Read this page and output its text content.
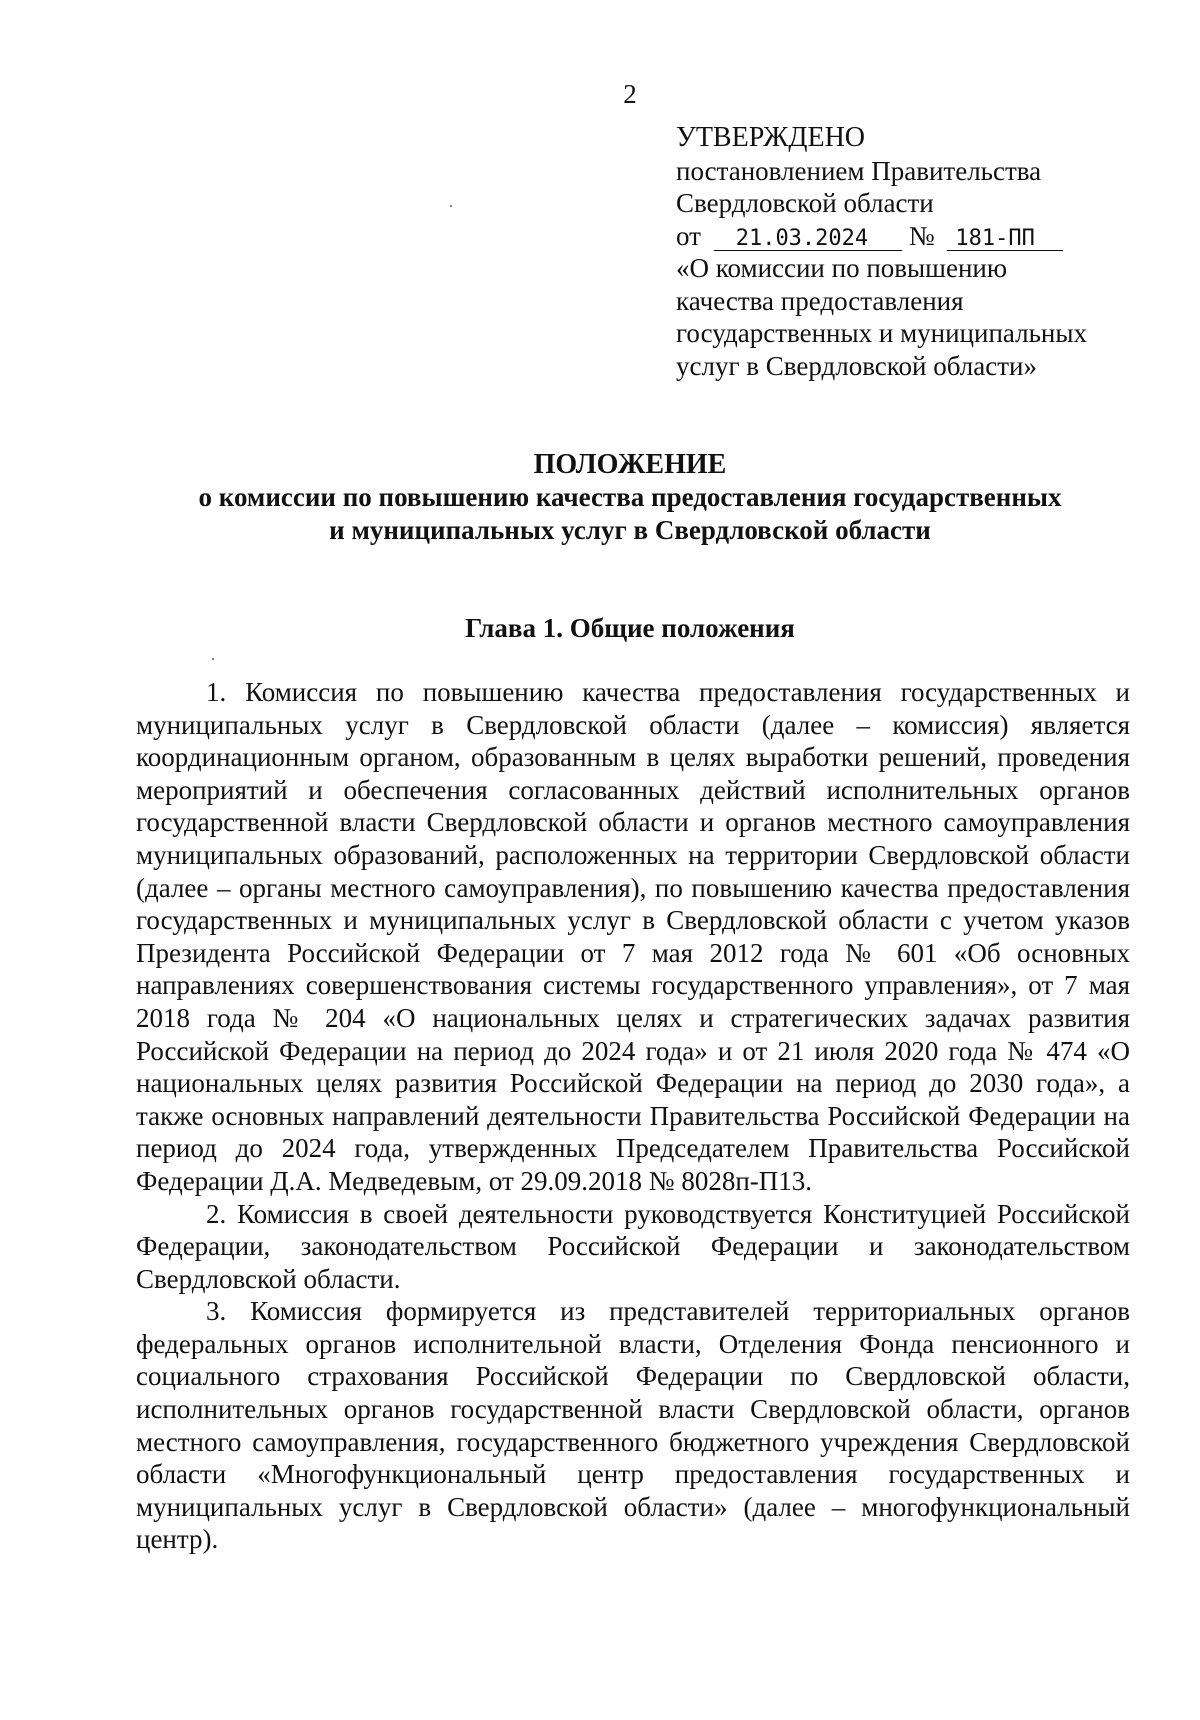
2
УТВЕРЖДЕНО
постановлением Правительства
Свердловской области
от 21.03.2024 № 181-ПП
«О комиссии по повышению
качества предоставления
государственных и муниципальных
услуг в Свердловской области»
ПОЛОЖЕНИЕ
о комиссии по повышению качества предоставления государственных
и муниципальных услуг в Свердловской области
Глава 1. Общие положения

1. Комиссия по повышению качества предоставления государственных и муниципальных услуг в Свердловской области (далее – комиссия) является координационным органом, образованным в целях выработки решений, проведения мероприятий и обеспечения согласованных действий исполнительных органов государственной власти Свердловской области и органов местного самоуправления муниципальных образований, расположенных на территории Свердловской области (далее – органы местного самоуправления), по повышению качества предоставления государственных и муниципальных услуг в Свердловской области с учетом указов Президента Российской Федерации от 7 мая 2012 года № 601 «Об основных направлениях совершенствования системы государственного управления», от 7 мая 2018 года № 204 «О национальных целях и стратегических задачах развития Российской Федерации на период до 2024 года» и от 21 июля 2020 года № 474 «О национальных целях развития Российской Федерации на период до 2030 года», а также основных направлений деятельности Правительства Российской Федерации на период до 2024 года, утвержденных Председателем Правительства Российской Федерации Д.А. Медведевым, от 29.09.2018 № 8028п-П13.

2. Комиссия в своей деятельности руководствуется Конституцией Российской Федерации, законодательством Российской Федерации и законодательством Свердловской области.

3. Комиссия формируется из представителей территориальных органов федеральных органов исполнительной власти, Отделения Фонда пенсионного и социального страхования Российской Федерации по Свердловской области, исполнительных органов государственной власти Свердловской области, органов местного самоуправления, государственного бюджетного учреждения Свердловской области «Многофункциональный центр предоставления государственных и муниципальных услуг в Свердловской области» (далее – многофункциональный центр).
